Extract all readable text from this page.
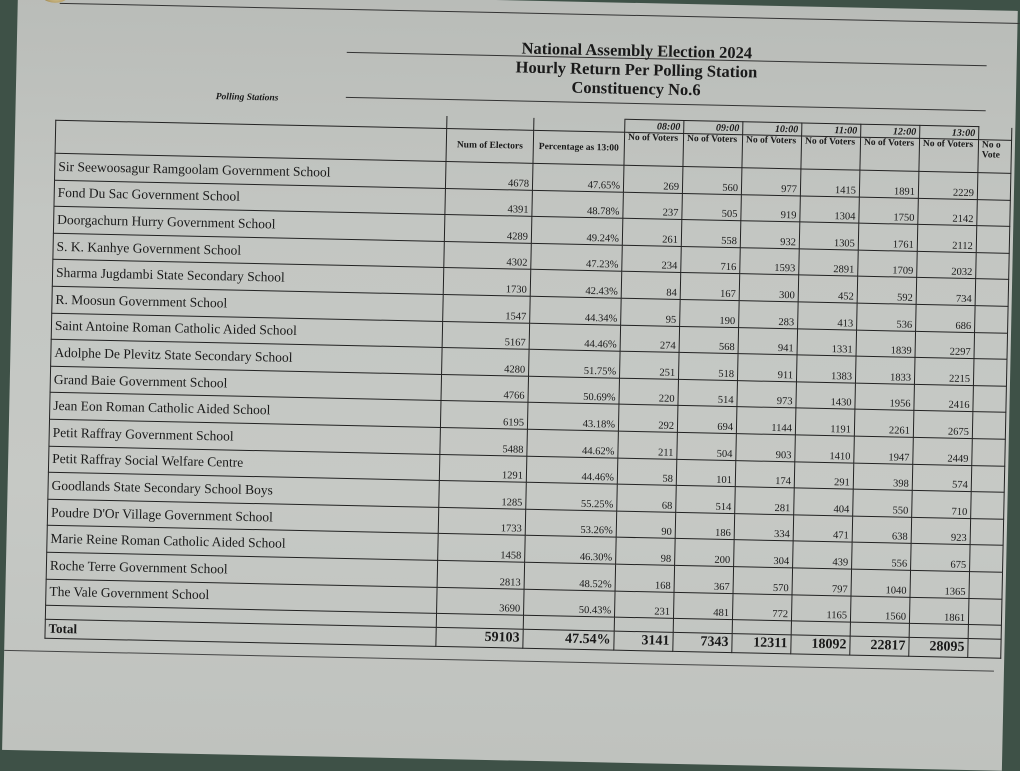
National Assembly Election 2024
Hourly Return Per Polling Station
Constituency No.6
Polling Stations
			08:00	09:00	10:00	11:00	12:00	13:00	
	Num of Electors	Percentage as 13:00	No of Voters	No of Voters	No of Voters	No of Voters	No of Voters	No of Voters	No o Vote
Sir Seewoosagur Ramgoolam Government School	4678	47.65%	269	560	977	1415	1891	2229	
Fond Du Sac Government School	4391	48.78%	237	505	919	1304	1750	2142	
Doorgachurn Hurry Government School	4289	49.24%	261	558	932	1305	1761	2112	
S. K. Kanhye Government School	4302	47.23%	234	716	1593	2891	1709	2032	
Sharma Jugdambi State Secondary School	1730	42.43%	84	167	300	452	592	734	
R. Moosun Government School	1547	44.34%	95	190	283	413	536	686	
Saint Antoine Roman Catholic Aided School	5167	44.46%	274	568	941	1331	1839	2297	
Adolphe De Plevitz State Secondary School	4280	51.75%	251	518	911	1383	1833	2215	
Grand Baie Government School	4766	50.69%	220	514	973	1430	1956	2416	
Jean Eon Roman Catholic Aided School	6195	43.18%	292	694	1144	1191	2261	2675	
Petit Raffray Government School	5488	44.62%	211	504	903	1410	1947	2449	
Petit Raffray Social Welfare Centre	1291	44.46%	58	101	174	291	398	574	
Goodlands State Secondary School Boys	1285	55.25%	68	514	281	404	550	710	
Poudre D'Or Village Government School	1733	53.26%	90	186	334	471	638	923	
Marie Reine Roman Catholic Aided School	1458	46.30%	98	200	304	439	556	675	
Roche Terre Government School	2813	48.52%	168	367	570	797	1040	1365	
The Vale Government School	3690	50.43%	231	481	772	1165	1560	1861	

Total	59103	47.54%	3141	7343	12311	18092	22817	28095	
